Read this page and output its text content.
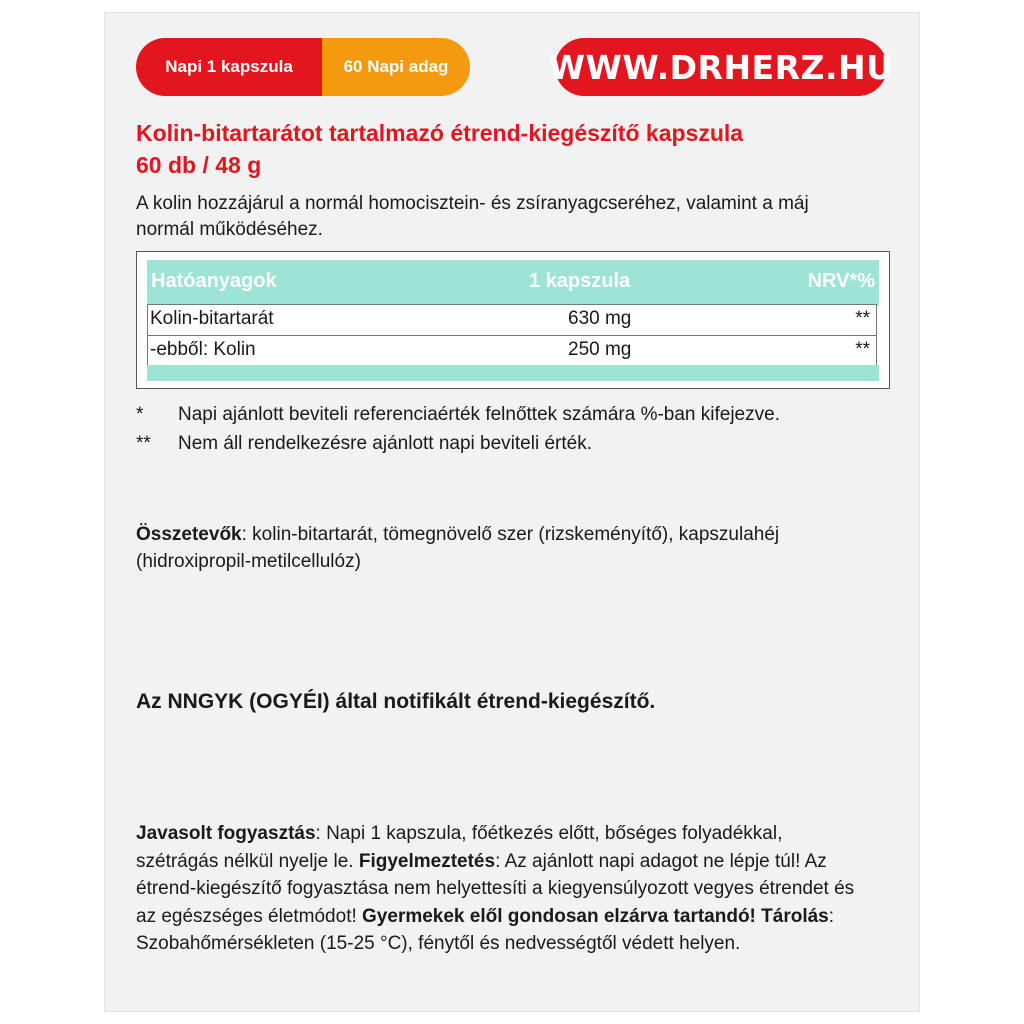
Napi 1 kapszula	60 Napi adag	WWW.DRHERZ.HU
Kolin-bitartarátot tartalmazó étrend-kiegészítő kapszula
60 db / 48 g
A kolin hozzájárul a normál homocisztein- és zsíranyagcseréhez, valamint a máj normál működéséhez.
Hatóanyagok	1 kapszula	NRV*%
Kolin-bitartarát	630 mg	**
-ebből: Kolin	250 mg	**
*	Napi ajánlott beviteli referenciaérték felnőttek számára %-ban kifejezve.
**	Nem áll rendelkezésre ajánlott napi beviteli érték.
Összetevők: kolin-bitartarát, tömegnövelő szer (rizskeményítő), kapszulahéj (hidroxipropil-metilcellulóz)
Az NNGYK (OGYÉI) által notifikált étrend-kiegészítő.
Javasolt fogyasztás: Napi 1 kapszula, főétkezés előtt, bőséges folyadékkal, szétrágás nélkül nyelje le. Figyelmeztetés: Az ajánlott napi adagot ne lépje túl! Az étrend-kiegészítő fogyasztása nem helyettesíti a kiegyensúlyozott vegyes étrendet és az egészséges életmódot! Gyermekek elől gondosan elzárva tartandó! Tárolás: Szobahőmérsékleten (15-25 °C), fénytől és nedvességtől védett helyen.
